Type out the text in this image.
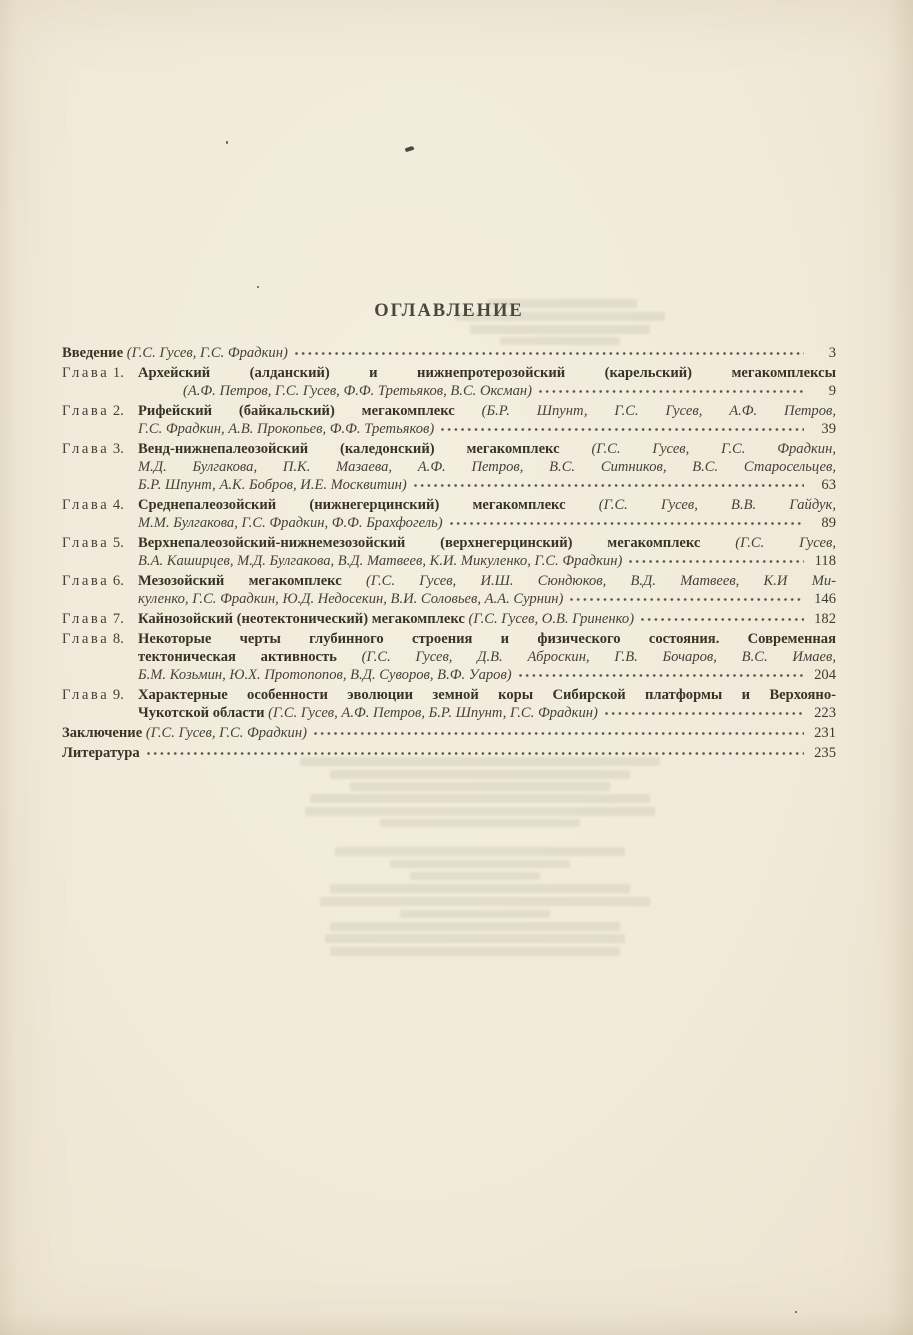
ОГЛАВЛЕНИЕ
Введение (Г.С. Гусев, Г.С. Фрадкин)	3
Глава 1. Архейский (алданский) и нижнепротерозойский (карельский) мегакомплексы
(А.Ф. Петров, Г.С. Гусев, Ф.Ф. Третьяков, В.С. Оксман)	9
Глава 2. Рифейский (байкальский) мегакомплекс (Б.Р. Шпунт, Г.С. Гусев, А.Ф. Петров,
Г.С. Фрадкин, А.В. Прокопьев, Ф.Ф. Третьяков)	39
Глава 3. Венд-нижнепалеозойский (каледонский) мегакомплекс (Г.С. Гусев, Г.С. Фрадкин,
М.Д. Булгакова, П.К. Мазаева, А.Ф. Петров, В.С. Ситников, В.С. Старосельцев,
Б.Р. Шпунт, А.К. Бобров, И.Е. Москвитин)	63
Глава 4. Среднепалеозойский (нижнегерцинский) мегакомплекс (Г.С. Гусев, В.В. Гайдук,
М.М. Булгакова, Г.С. Фрадкин, Ф.Ф. Брахфогель)	89
Глава 5. Верхнепалеозойский-нижнемезозойский (верхнегерцинский) мегакомплекс (Г.С. Гусев,
В.А. Каширцев, М.Д. Булгакова, В.Д. Матвеев, К.И. Микуленко, Г.С. Фрадкин)	118
Глава 6. Мезозойский мегакомплекс (Г.С. Гусев, И.Ш. Сюндюков, В.Д. Матвеев, К.И Ми-
куленко, Г.С. Фрадкин, Ю.Д. Недосекин, В.И. Соловьев, А.А. Сурнин)	146
Глава 7. Кайнозойский (неотектонический) мегакомплекс (Г.С. Гусев, О.В. Гриненко)	182
Глава 8. Некоторые черты глубинного строения и физического состояния. Современная
тектоническая активность (Г.С. Гусев, Д.В. Аброскин, Г.В. Бочаров, В.С. Имаев,
Б.М. Козьмин, Ю.Х. Протопопов, В.Д. Суворов, В.Ф. Уаров)	204
Глава 9. Характерные особенности эволюции земной коры Сибирской платформы и Верхояно-
Чукотской области (Г.С. Гусев, А.Ф. Петров, Б.Р. Шпунт, Г.С. Фрадкин)	223
Заключение (Г.С. Гусев, Г.С. Фрадкин)	231
Литература	235
